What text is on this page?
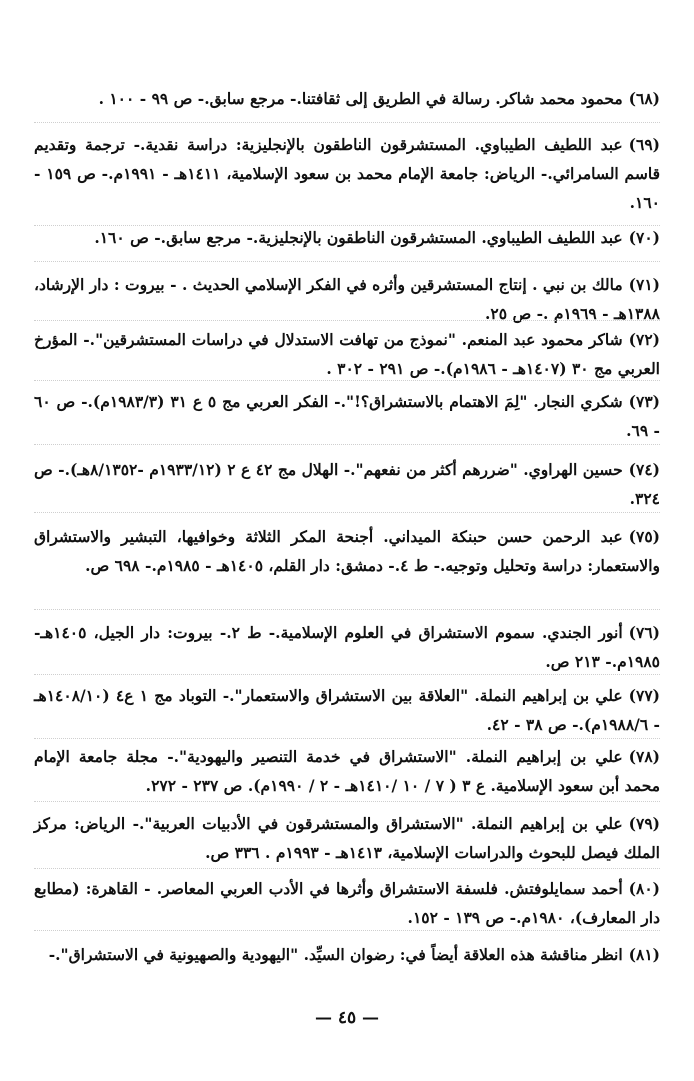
(٦٨)محمود محمد شاكر. رسالة في الطريق إلى ثقافتنا.- مرجع سابق.- ص ٩٩ - ١٠٠ .
(٦٩)عبد اللطيف الطيباوي. المستشرقون الناطقون بالإنجليزية: دراسة نقدية.- ترجمة وتقديم قاسم السامرائي.- الرياض: جامعة الإمام محمد بن سعود الإسلامية، ١٤١١هـ - ١٩٩١م.- ص ١٥٩ - ١٦٠.
(٧٠)عبد اللطيف الطيباوي. المستشرقون الناطقون بالإنجليزية.- مرجع سابق.- ص ١٦٠.
(٧١)مالك بن نبي . إنتاج المستشرقين وأثره في الفكر الإسلامي الحديث . - بيروت : دار الإرشاد، ١٣٨٨هـ - ١٩٦٩م .- ص ٢٥.
(٧٢)شاكر محمود عبد المنعم. "نموذج من تهافت الاستدلال في دراسات المستشرقين".- المؤرخ العربي مج ٣٠ (١٤٠٧هـ - ١٩٨٦م).- ص ٢٩١ - ٣٠٢ .
(٧٣)شكري النجار. "لِمَ الاهتمام بالاستشراق؟!".- الفكر العربي مج ٥ ع ٣١ (١٩٨٣/٣م).- ص ٦٠ - ٦٩.
(٧٤)حسين الهراوي. "ضررهم أكثر من نفعهم".- الهلال مج ٤٢ ع ٢ (١٩٣٣/١٢م -٨/١٣٥٢هـ).- ص ٣٢٤.
(٧٥)عبد الرحمن حسن حبنكة الميداني. أجنحة المكر الثلاثة وخوافيها، التبشير والاستشراق والاستعمار: دراسة وتحليل وتوجيه.- ط ٤.- دمشق: دار القلم، ١٤٠٥هـ - ١٩٨٥م.- ٦٩٨ ص.
(٧٦)أنور الجندي. سموم الاستشراق في العلوم الإسلامية.- ط ٢.- بيروت: دار الجيل، ١٤٠٥هـ- ١٩٨٥م.- ٢١٣ ص.
(٧٧)علي بن إبراهيم النملة. "العلاقة بين الاستشراق والاستعمار".- التوباد مج ١ ع٤ (١٤٠٨/١٠هـ - ١٩٨٨/٦م).- ص ٣٨ - ٤٢.
(٧٨)علي بن إبراهيم النملة. "الاستشراق في خدمة التنصير واليهودية".- مجلة جامعة الإمام محمد أبن سعود الإسلامية. ع ٣ ( ٧ / ١٠ /١٤١٠هـ - ٢ / ١٩٩٠م). ص ٢٣٧ - ٢٧٢.
(٧٩)علي بن إبراهيم النملة. "الاستشراق والمستشرقون في الأدبيات العربية".- الرياض: مركز الملك فيصل للبحوث والدراسات الإسلامية، ١٤١٣هـ - ١٩٩٣م . ٣٣٦ ص.
(٨٠)أحمد سمايلوفتش. فلسفة الاستشراق وأثرها في الأدب العربي المعاصر. - القاهرة: (مطابع دار المعارف)، ١٩٨٠م.- ص ١٣٩ - ١٥٢.
(٨١)انظر مناقشة هذه العلاقة أيضاً في: رضوان السيِّد. "اليهودية والصهيونية في الاستشراق".-
— ٤٥ —
